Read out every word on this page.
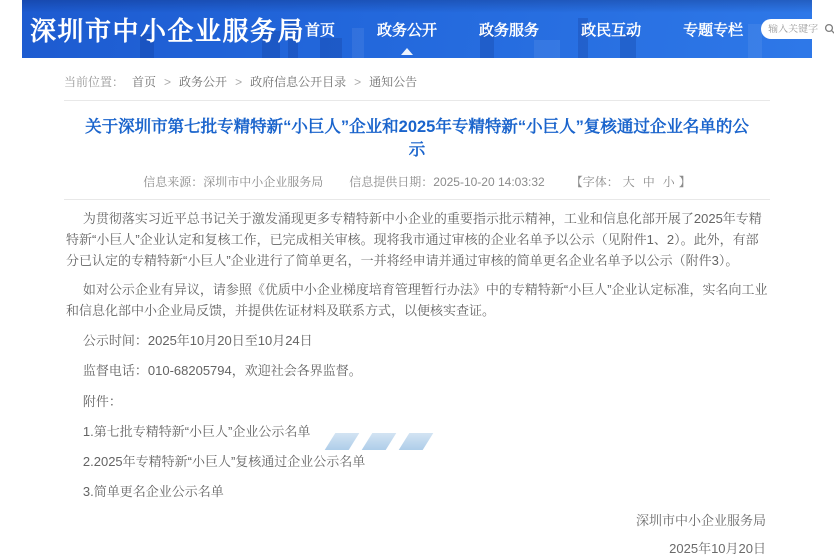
深圳市中小企业服务局 首页	政务公开	政务服务	政民互动	专题专栏
输入关键字
当前位置： 首页 > 政务公开 > 政府信息公开目录 > 通知公告
关于深圳市第七批专精特新“小巨人”企业和2025年专精特新“小巨人”复核通过企业名单的公示
信息来源：深圳市中小企业服务局 信息提供日期：2025-10-20 14:03:32 【字体： 大 中 小 】

为贯彻落实习近平总书记关于激发涌现更多专精特新中小企业的重要指示批示精神，工业和信息化部开展了2025年专精特新“小巨人”企业认定和复核工作，已完成相关审核。现将我市通过审核的企业名单予以公示（见附件1、2）。此外，有部分已认定的专精特新“小巨人”企业进行了简单更名，一并将经申请并通过审核的简单更名企业名单予以公示（附件3）。

如对公示企业有异议，请参照《优质中小企业梯度培育管理暂行办法》中的专精特新“小巨人”企业认定标准，实名向工业和信息化部中小企业局反馈，并提供佐证材料及联系方式，以便核实查证。

公示时间：2025年10月20日至10月24日

监督电话：010-68205794，欢迎社会各界监督。

附件：

1.第七批专精特新“小巨人”企业公示名单

2.2025年专精特新“小巨人”复核通过企业公示名单

3.简单更名企业公示名单

深圳市中小企业服务局
2025年10月20日
